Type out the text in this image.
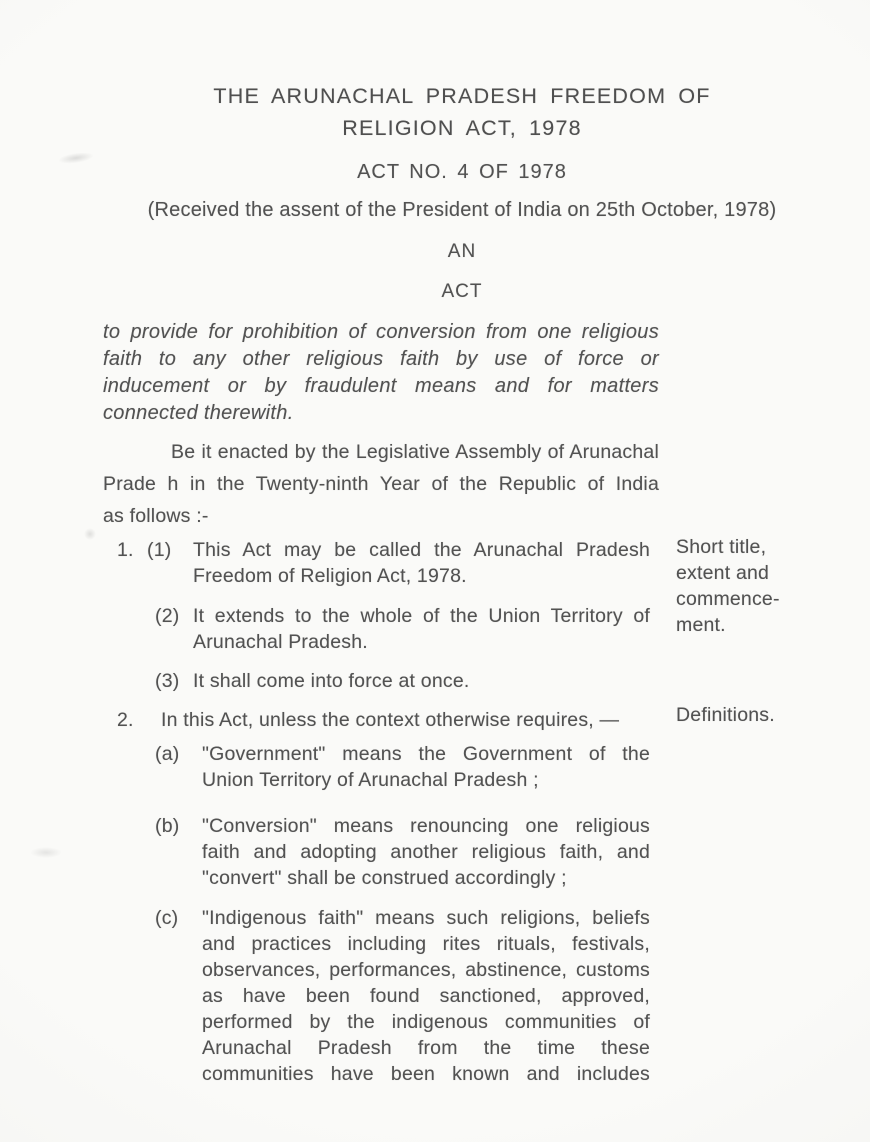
THE ARUNACHAL PRADESH FREEDOM OF
RELIGION ACT, 1978
ACT NO. 4 OF 1978
(Received the assent of the President of India on 25th October, 1978)
AN
ACT
to provide for prohibition of conversion from one religious
faith to any other religious faith by use of force or
inducement or by fraudulent means and for matters
connected therewith.
Be it enacted by the Legislative Assembly of Arunachal
Prade h in the Twenty-ninth Year of the Republic of India
as follows :-
1. (1)	This Act may be called the Arunachal Pradesh
Freedom of Religion Act, 1978.
(2) It extends to the whole of the Union Territory of
Arunachal Pradesh.
(3) It shall come into force at once.
2.	In this Act, unless the context otherwise requires, —
(a)	"Government" means the Government of the
Union Territory of Arunachal Pradesh ;
(b)	"Conversion" means renouncing one religious
faith and adopting another religious faith, and
"convert" shall be construed accordingly ;
(c)	"Indigenous faith" means such religions, beliefs
and practices including rites rituals, festivals,
observances, performances, abstinence, customs
as have been found sanctioned, approved,
performed by the indigenous communities of
Arunachal Pradesh from the time these
communities have been known and includes
Short title,
extent and
commence-
ment.
Definitions.
